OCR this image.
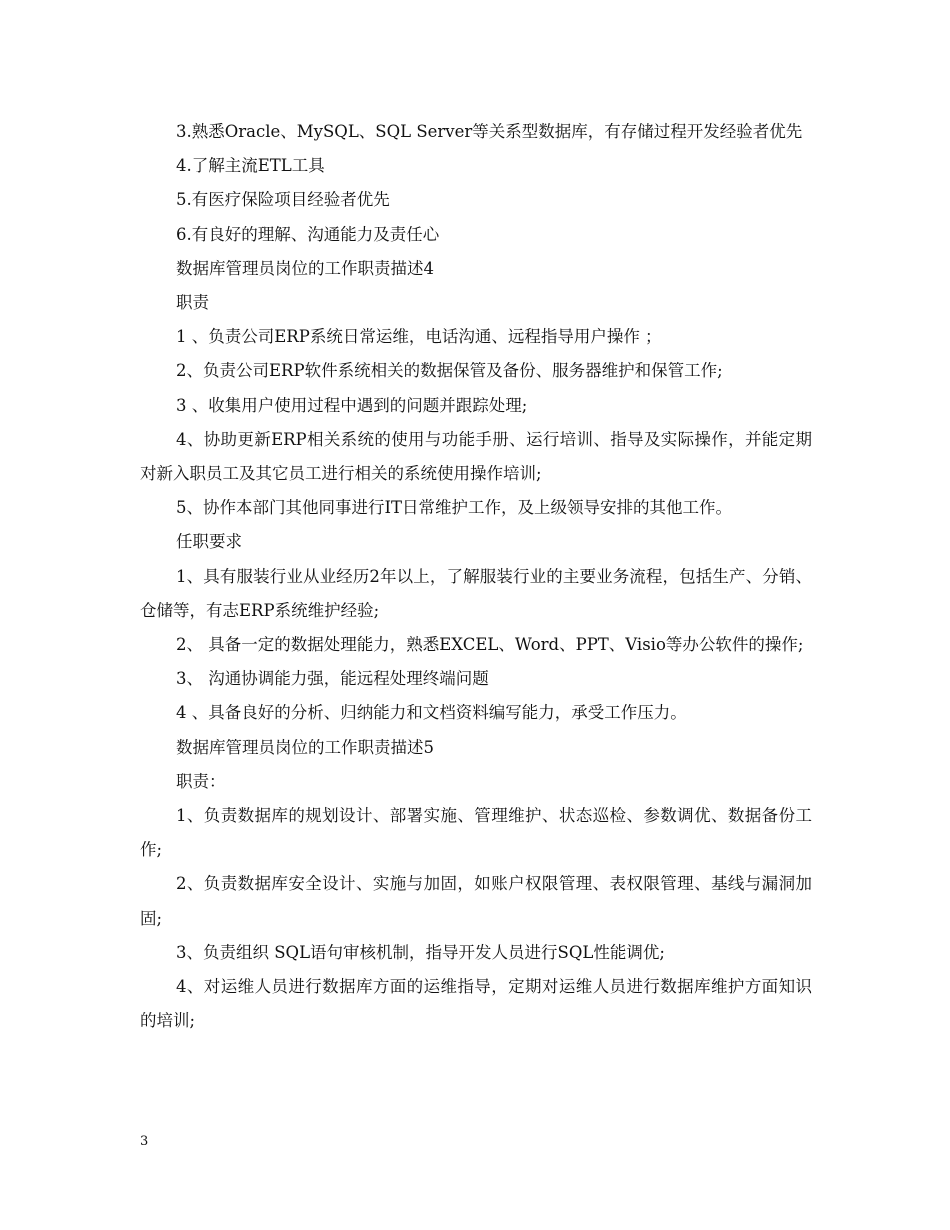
3.熟悉Oracle、MySQL、SQL Server等关系型数据库，有存储过程开发经验者优先

4.了解主流ETL工具

5.有医疗保险项目经验者优先

6.有良好的理解、沟通能力及责任心

数据库管理员岗位的工作职责描述4

职责

1 、负责公司ERP系统日常运维，电话沟通、远程指导用户操作 ；

2、负责公司ERP软件系统相关的数据保管及备份、服务器维护和保管工作;

3 、收集用户使用过程中遇到的问题并跟踪处理;

4、协助更新ERP相关系统的使用与功能手册、运行培训、指导及实际操作，并能定期对新入职员工及其它员工进行相关的系统使用操作培训;

5、协作本部门其他同事进行IT日常维护工作，及上级领导安排的其他工作。

任职要求

1、具有服装行业从业经历2年以上，了解服装行业的主要业务流程，包括生产、分销、仓储等，有志ERP系统维护经验;

2、 具备一定的数据处理能力，熟悉EXCEL、Word、PPT、Visio等办公软件的操作;

3、 沟通协调能力强，能远程处理终端问题

4 、具备良好的分析、归纳能力和文档资料编写能力，承受工作压力。

数据库管理员岗位的工作职责描述5

职责：

1、负责数据库的规划设计、部署实施、管理维护、状态巡检、参数调优、数据备份工作;

2、负责数据库安全设计、实施与加固，如账户权限管理、表权限管理、基线与漏洞加固;

3、负责组织 SQL语句审核机制，指导开发人员进行SQL性能调优;

4、对运维人员进行数据库方面的运维指导，定期对运维人员进行数据库维护方面知识的培训;

3
